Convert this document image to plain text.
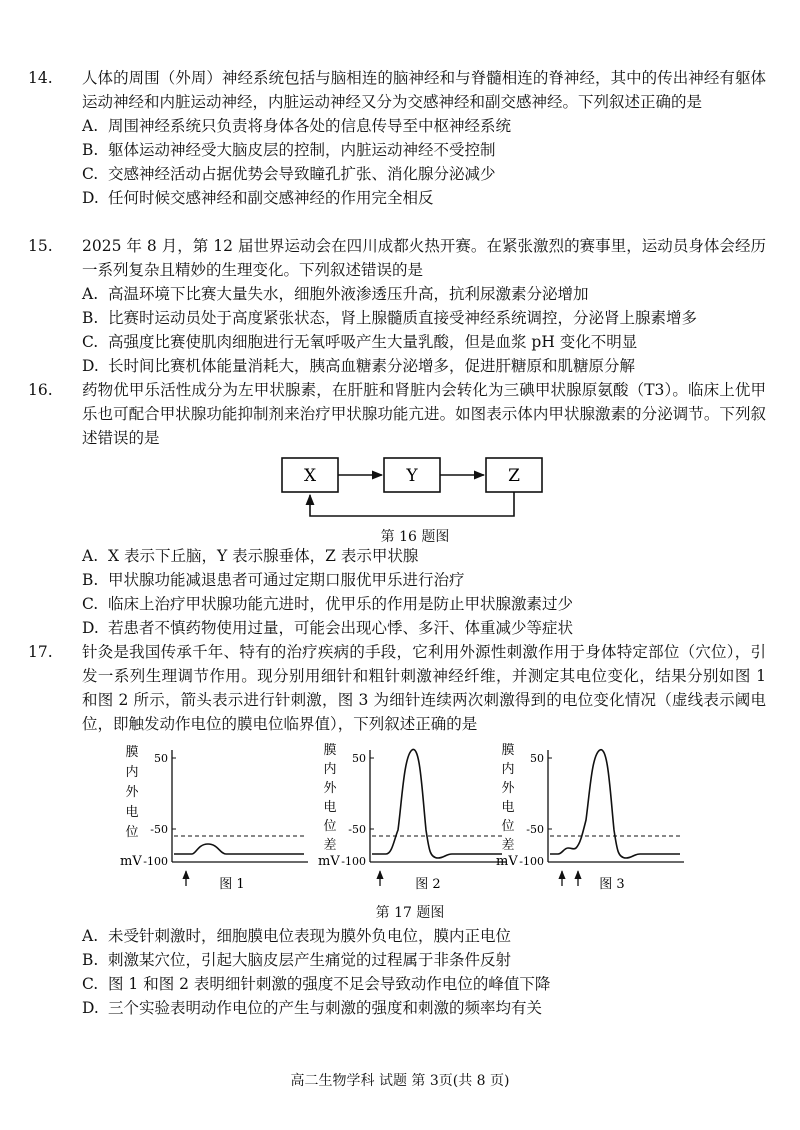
14.	人体的周围（外周）神经系统包括与脑相连的脑神经和与脊髓相连的脊神经，其中的传出神经有躯体运动神经和内脏运动神经，内脏运动神经又分为交感神经和副交感神经。下列叙述正确的是
A. 周围神经系统只负责将身体各处的信息传导至中枢神经系统
B. 躯体运动神经受大脑皮层的控制，内脏运动神经不受控制
C. 交感神经活动占据优势会导致瞳孔扩张、消化腺分泌减少
D. 任何时候交感神经和副交感神经的作用完全相反
15.	2025 年 8 月，第 12 届世界运动会在四川成都火热开赛。在紧张激烈的赛事里，运动员身体会经历一系列复杂且精妙的生理变化。下列叙述错误的是
A. 高温环境下比赛大量失水，细胞外液渗透压升高，抗利尿激素分泌增加
B. 比赛时运动员处于高度紧张状态，肾上腺髓质直接受神经系统调控，分泌肾上腺素增多
C. 高强度比赛使肌肉细胞进行无氧呼吸产生大量乳酸，但是血浆 pH 变化不明显
D. 长时间比赛机体能量消耗大，胰高血糖素分泌增多，促进肝糖原和肌糖原分解
16.	药物优甲乐活性成分为左甲状腺素，在肝脏和肾脏内会转化为三碘甲状腺原氨酸（T3）。临床上优甲乐也可配合甲状腺功能抑制剂来治疗甲状腺功能亢进。如图表示体内甲状腺激素的分泌调节。下列叙述错误的是
X	Y	Z
第 16 题图
A. X 表示下丘脑，Y 表示腺垂体，Z 表示甲状腺
B. 甲状腺功能减退患者可通过定期口服优甲乐进行治疗
C. 临床上治疗甲状腺功能亢进时，优甲乐的作用是防止甲状腺激素过少
D. 若患者不慎药物使用过量，可能会出现心悸、多汗、体重减少等症状
17.	针灸是我国传承千年、特有的治疗疾病的手段，它利用外源性刺激作用于身体特定部位（穴位），引发一系列生理调节作用。现分别用细针和粗针刺激神经纤维，并测定其电位变化，结果分别如图 1 和图 2 所示，箭头表示进行针刺激，图 3 为细针连续两次刺激得到的电位变化情况（虚线表示阈电位，即触发动作电位的膜电位临界值），下列叙述正确的是
膜
内
外
电
位
mV
50
-50
-100
图 1
膜
内
外
电
位
差
mV
50
-50
-100
图 2
膜
内
外
电
位
差
mV
50
-50
-100
图 3
第 17 题图
A. 未受针刺激时，细胞膜电位表现为膜外负电位，膜内正电位
B. 刺激某穴位，引起大脑皮层产生痛觉的过程属于非条件反射
C. 图 1 和图 2 表明细针刺激的强度不足会导致动作电位的峰值下降
D. 三个实验表明动作电位的产生与刺激的强度和刺激的频率均有关
高二生物学科 试题 第 3页(共 8 页)
